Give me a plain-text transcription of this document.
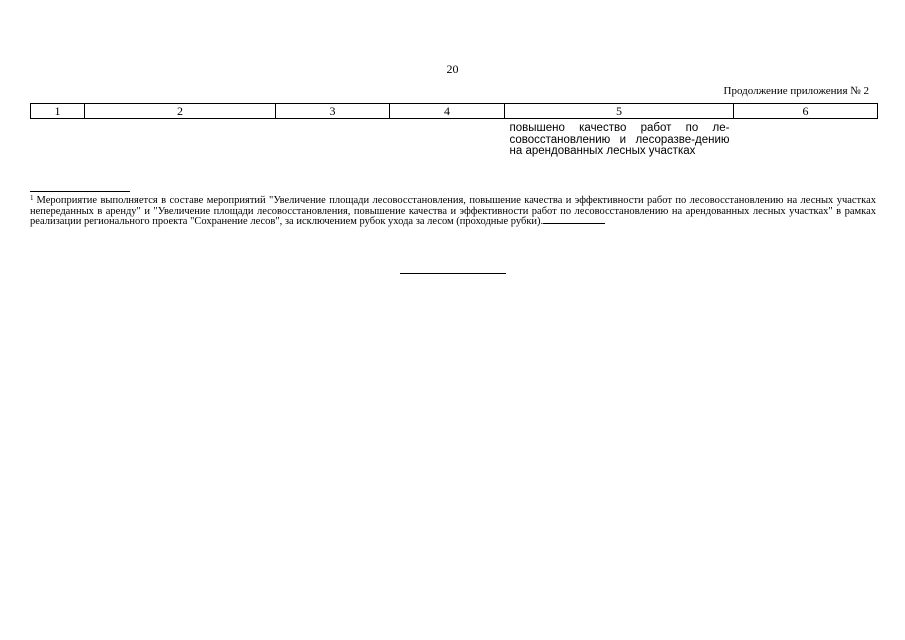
20
Продолжение приложения № 2
1	2	3	4	5	6

				повышено качество работ по ле-совосстановлению и лесоразве-дению на арендованных лесных участках	

$^1$ Мероприятие выполняется в составе мероприятий "Увеличение площади лесовосстановления, повышение качества и эффективности работ по лесовосстановлению на лесных участках непереданных в аренду" и "Увеличение площади лесовосстановления, повышение качества и эффективности работ по лесовосстановлению на арендованных лесных участках" в рамках реализации регионального проекта "Сохранение лесов", за исключением рубок ухода за лесом (проходные рубки).
